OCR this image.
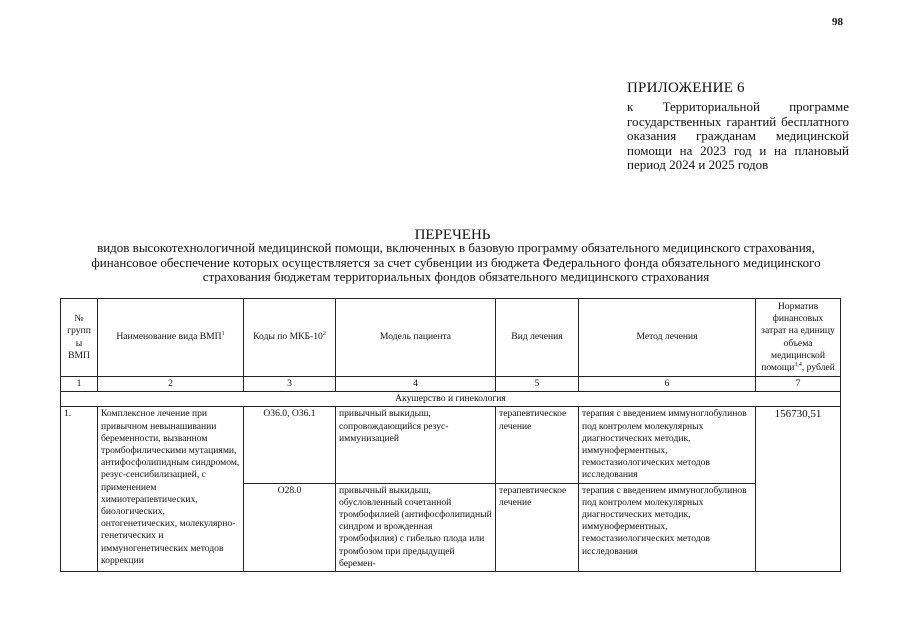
98
ПРИЛОЖЕНИЕ 6
к Территориальной программе государственных гарантий бесплатного оказания гражданам медицинской помощи на 2023 год и на плановый период 2024 и 2025 годов
ПЕРЕЧЕНЬ
видов высокотехнологичной медицинской помощи, включенных в базовую программу обязательного медицинского страхования, финансовое обеспечение которых осуществляется за счет субвенции из бюджета Федерального фонда обязательного медицинского страхования бюджетам территориальных фондов обязательного медицинского страхования
№ групп ы ВМП	Наименование вида ВМП$^1$	Коды по МКБ-$10^2$	Модель пациента	Вид лечения	Метод лечения	Норматив финансовых затрат на единицу объема медицинской помощи$^{3,4}$, рублей
1	2	3	4	5	6	7
Акушерство и гинекология						
1.	Комплексное лечение при привычном невынашивании беременности, вызванном тромбофилическими мутациями, антифосфолипидным синдромом, резус-сенсибилизацией, с применением химиотерапевтических, биологических, онтогенетических, молекулярно-генетических и иммуногенетических методов коррекции	O36.0, O36.1	привычный выкидыш, сопровождающийся резус-иммунизацией	терапевтическое лечение	терапия с введением иммуноглобулинов под контролем молекулярных диагностических методик, иммуноферментных, гемостазиологических методов исследования	156730,51
		O28.0	привычный выкидыш, обусловленный сочетанной тромбофилией (антифосфолипидный синдром и врожденная тромбофилия) с гибелью плода или тромбозом при предыдущей беремен-	терапевтическое лечение	терапия с введением иммуноглобулинов под контролем молекулярных диагностических методик, иммуноферментных, гемостазиологических методов исследования	
